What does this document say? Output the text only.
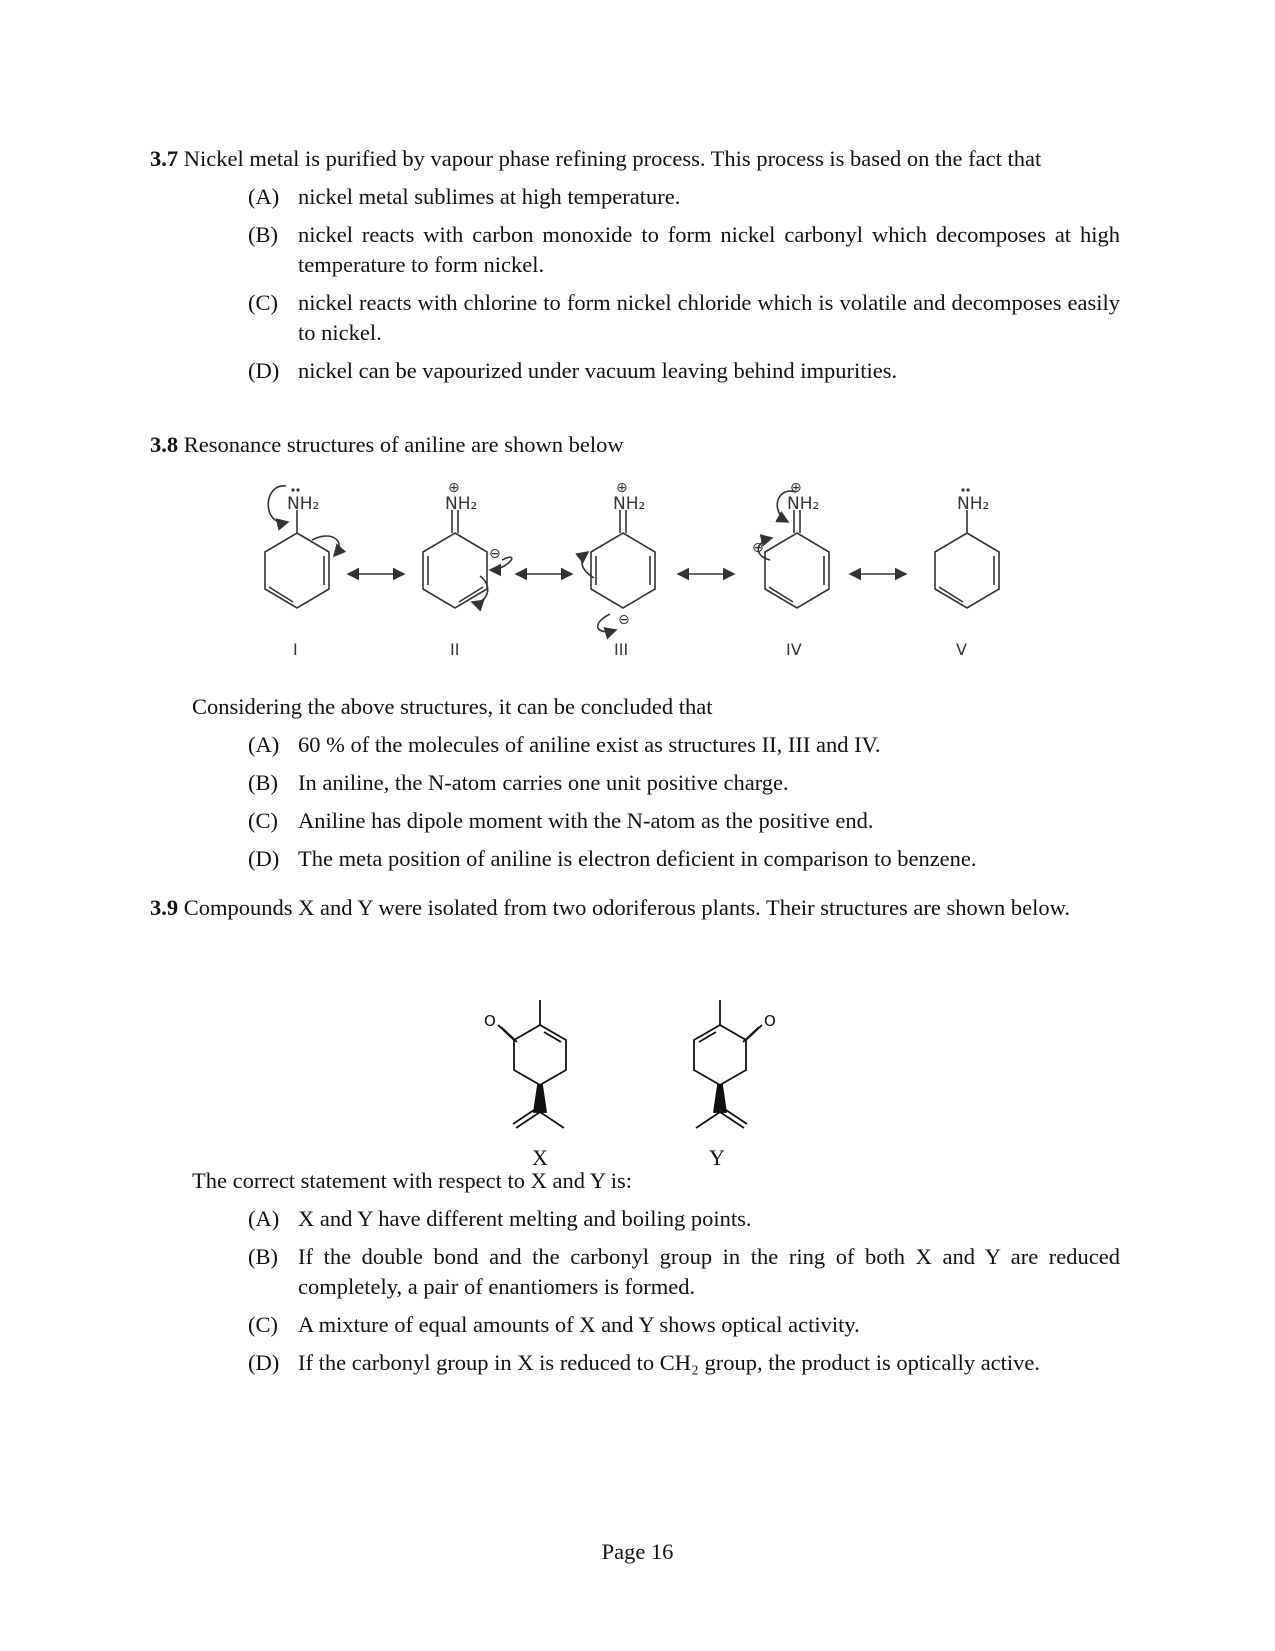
3.7 Nickel metal is purified by vapour phase refining process. This process is based on the fact that
(A) nickel metal sublimes at high temperature.
(B) nickel reacts with carbon monoxide to form nickel carbonyl which decomposes at high temperature to form nickel.
(C) nickel reacts with chlorine to form nickel chloride which is volatile and decomposes easily to nickel.
(D) nickel can be vapourized under vacuum leaving behind impurities.
3.8 Resonance structures of aniline are shown below
NH₂	NH₂	NH₂	NH₂	NH₂
⊕	⊕	⊕
⊖
⊖
⊖
I	II	III	IV	V
Considering the above structures, it can be concluded that
(A) 60 % of the molecules of aniline exist as structures II, III and IV.
(B) In aniline, the N-atom carries one unit positive charge.
(C) Aniline has dipole moment with the N-atom as the positive end.
(D) The meta position of aniline is electron deficient in comparison to benzene.
3.9 Compounds X and Y were isolated from two odoriferous plants. Their structures are shown below.
O	O
X	Y
The correct statement with respect to X and Y is:
(A) X and Y have different melting and boiling points.
(B) If the double bond and the carbonyl group in the ring of both X and Y are reduced completely, a pair of enantiomers is formed.
(C) A mixture of equal amounts of X and Y shows optical activity.
(D) If the carbonyl group in X is reduced to CH₂ group, the product is optically active.
Page 16
